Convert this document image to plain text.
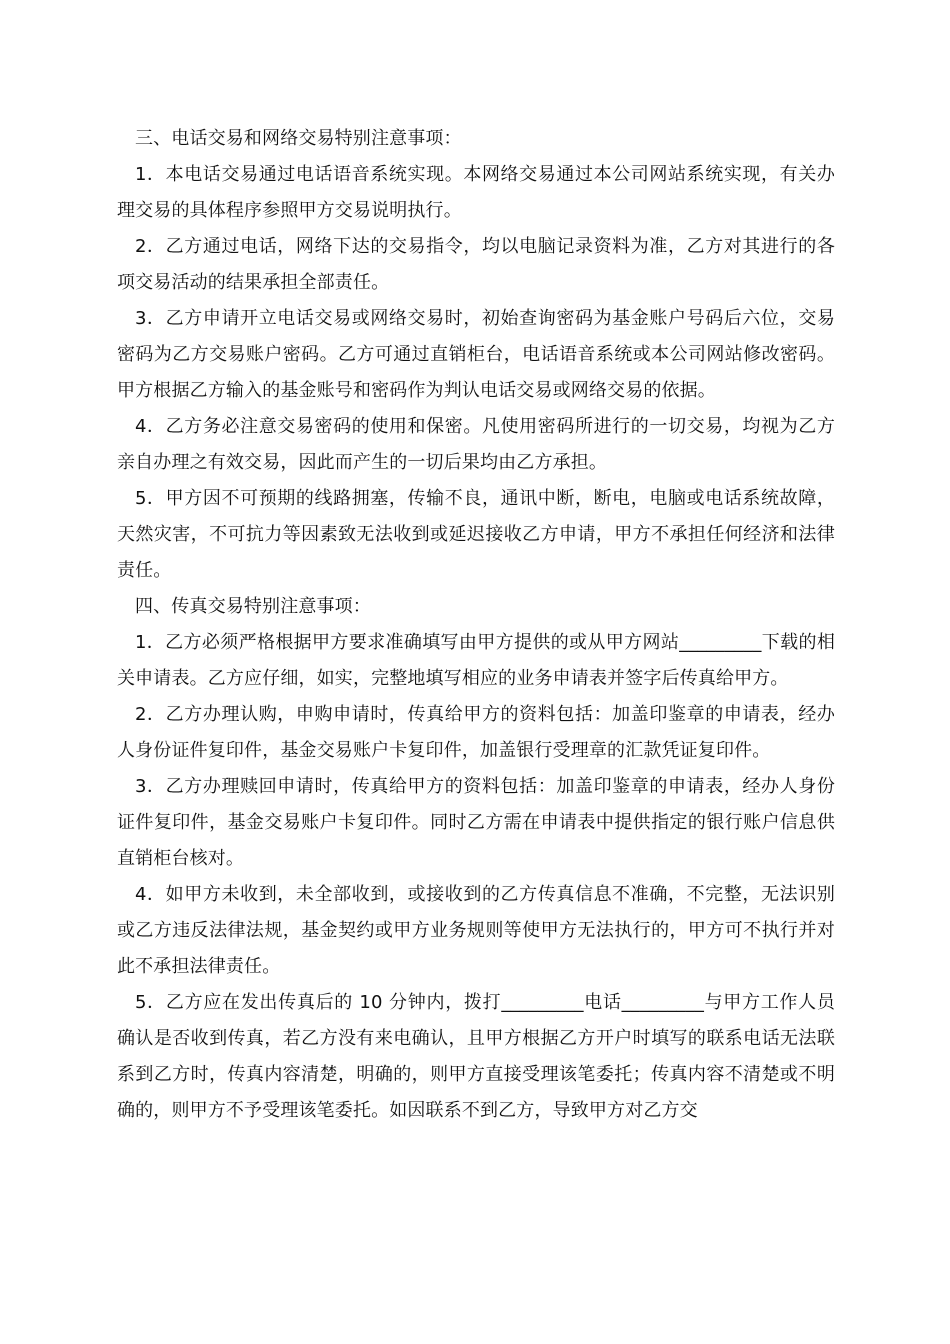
三、电话交易和网络交易特别注意事项：

1．本电话交易通过电话语音系统实现。本网络交易通过本公司网站系统实现，有关办理交易的具体程序参照甲方交易说明执行。

2．乙方通过电话，网络下达的交易指令，均以电脑记录资料为准，乙方对其进行的各项交易活动的结果承担全部责任。

3．乙方申请开立电话交易或网络交易时，初始查询密码为基金账户号码后六位，交易密码为乙方交易账户密码。乙方可通过直销柜台，电话语音系统或本公司网站修改密码。甲方根据乙方输入的基金账号和密码作为判认电话交易或网络交易的依据。

4．乙方务必注意交易密码的使用和保密。凡使用密码所进行的一切交易，均视为乙方亲自办理之有效交易，因此而产生的一切后果均由乙方承担。

5．甲方因不可预期的线路拥塞，传输不良，通讯中断，断电，电脑或电话系统故障，天然灾害，不可抗力等因素致无法收到或延迟接收乙方申请，甲方不承担任何经济和法律责任。

四、传真交易特别注意事项：

1．乙方必须严格根据甲方要求准确填写由甲方提供的或从甲方网站_________下载的相关申请表。乙方应仔细，如实，完整地填写相应的业务申请表并签字后传真给甲方。

2．乙方办理认购，申购申请时，传真给甲方的资料包括：加盖印鉴章的申请表，经办人身份证件复印件，基金交易账户卡复印件，加盖银行受理章的汇款凭证复印件。

3．乙方办理赎回申请时，传真给甲方的资料包括：加盖印鉴章的申请表，经办人身份证件复印件，基金交易账户卡复印件。同时乙方需在申请表中提供指定的银行账户信息供直销柜台核对。

4．如甲方未收到，未全部收到，或接收到的乙方传真信息不准确，不完整，无法识别或乙方违反法律法规，基金契约或甲方业务规则等使甲方无法执行的，甲方可不执行并对此不承担法律责任。

5．乙方应在发出传真后的 10 分钟内，拨打_________电话_________与甲方工作人员确认是否收到传真，若乙方没有来电确认，且甲方根据乙方开户时填写的联系电话无法联系到乙方时，传真内容清楚，明确的，则甲方直接受理该笔委托；传真内容不清楚或不明确的，则甲方不予受理该笔委托。如因联系不到乙方，导致甲方对乙方交
